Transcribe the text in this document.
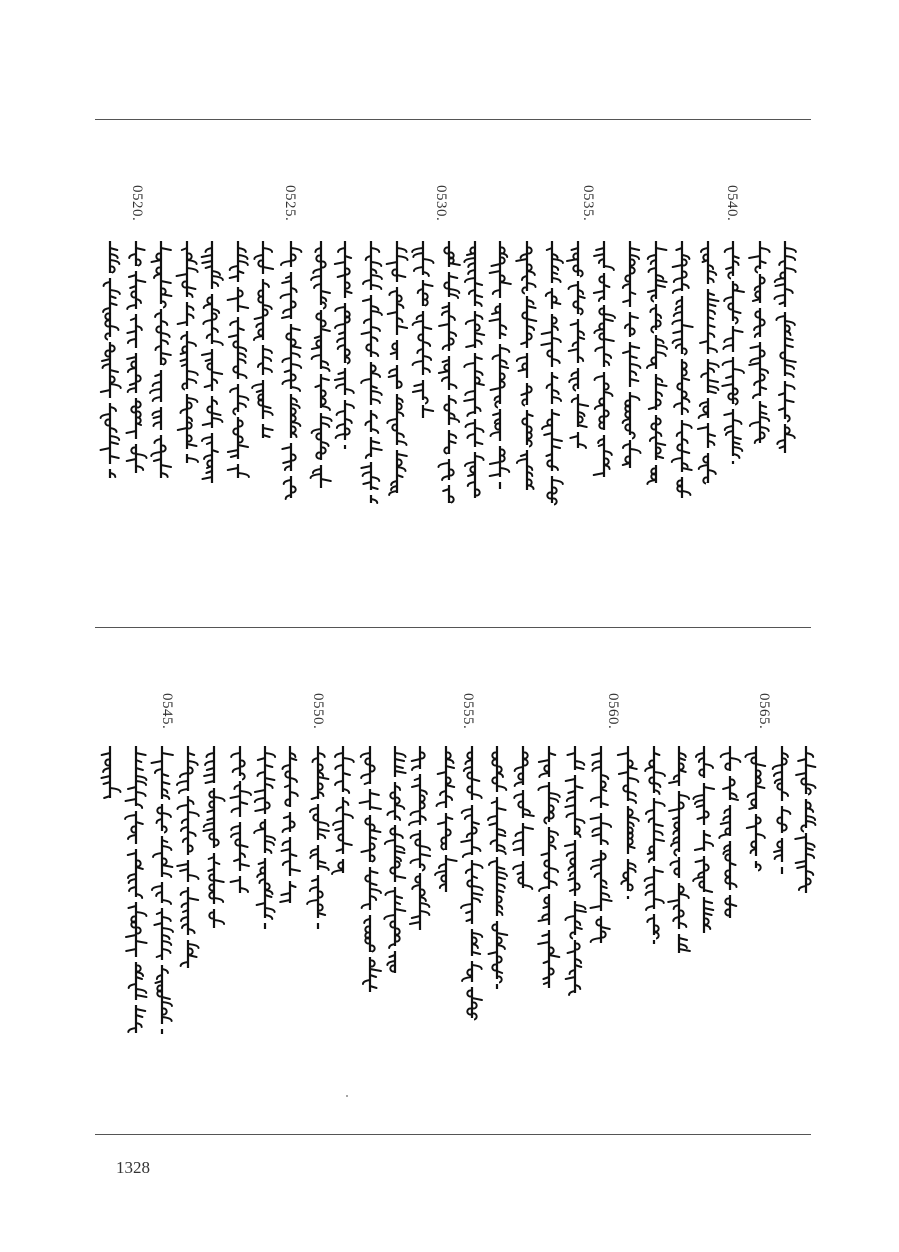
0520.	0525.	0530.	0535.	0540.
0545.	0550.	0555.	0560.	0565.
1328
